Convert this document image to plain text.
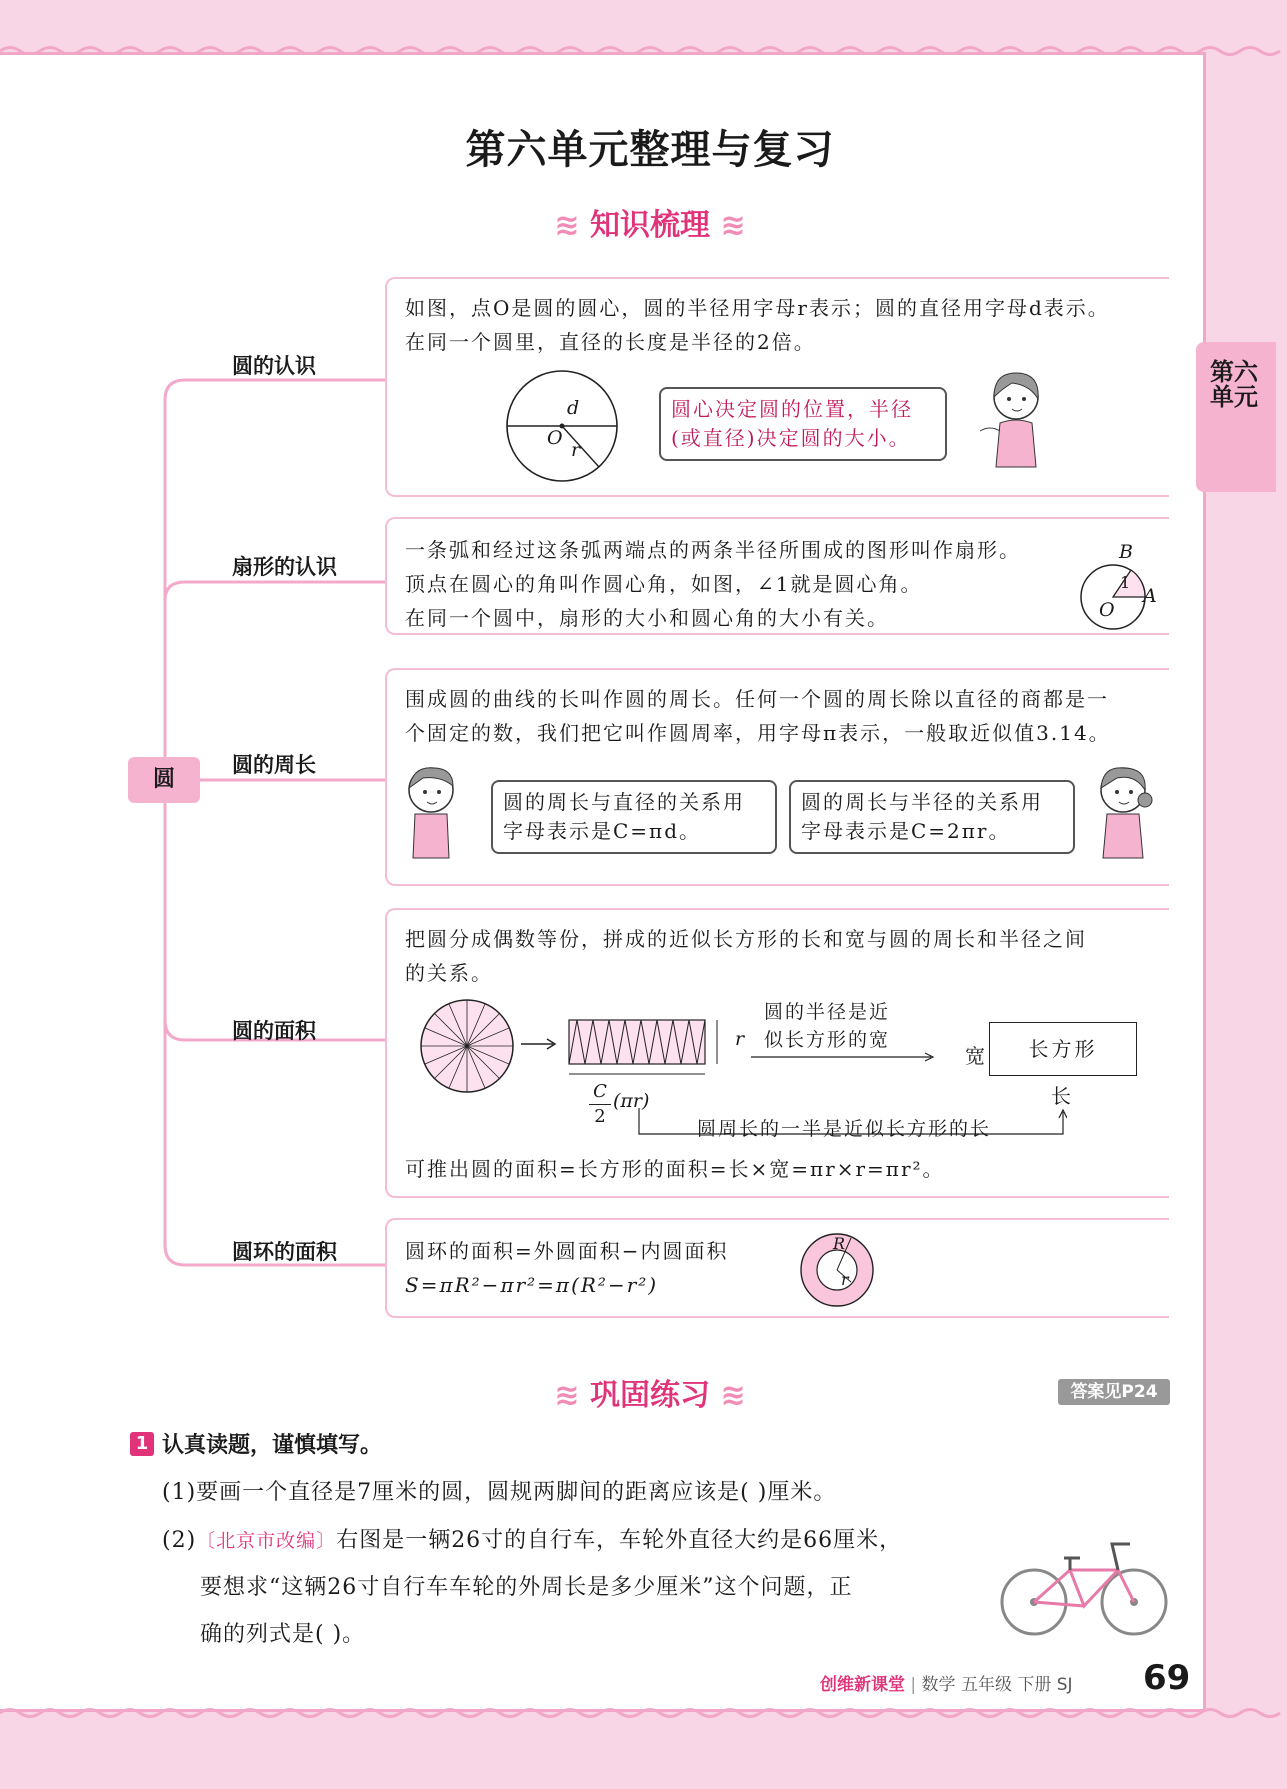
第六单元整理与复习
第六单元
≋ 知识梳理 ≋
圆
圆的认识
扇形的认识
圆的周长
圆的面积
圆环的面积
如图，点O是圆的圆心，圆的半径用字母r表示；圆的直径用字母d表示。
在同一个圆里，直径的长度是半径的2倍。
d
O
r
圆心决定圆的位置，半径(或直径)决定圆的大小。
一条弧和经过这条弧两端点的两条半径所围成的图形叫作扇形。
顶点在圆心的角叫作圆心角，如图，∠1就是圆心角。
在同一个圆中，扇形的大小和圆心角的大小有关。
B
A
O
1
围成圆的曲线的长叫作圆的周长。任何一个圆的周长除以直径的商都是一
个固定的数，我们把它叫作圆周率，用字母π表示，一般取近似值3.14。
圆的周长与直径的关系用字母表示是C=πd。
圆的周长与半径的关系用字母表示是C=2πr。
把圆分成偶数等份，拼成的近似长方形的长和宽与圆的周长和半径之间
的关系。
r
$\frac{C}{2} (\pi r)$
圆的半径是近似长方形的宽
宽	长方形
长
圆周长的一半是近似长方形的长
可推出圆的面积=长方形的面积=长×宽=πr×r=πr²。
圆环的面积=外圆面积−内圆面积
S=πR²−πr²=π(R²−r²)
R
r
≋ 巩固练习 ≋	答案见P24
1 认真读题，谨慎填写。
(1)要画一个直径是7厘米的圆，圆规两脚间的距离应该是( )厘米。
(2)〔北京市改编〕右图是一辆26寸的自行车，车轮外直径大约是66厘米，
要想求“这辆26寸自行车车轮的外周长是多少厘米”这个问题，正
确的列式是( )。
创维新课堂 | 数学 五年级 下册 SJ 69
